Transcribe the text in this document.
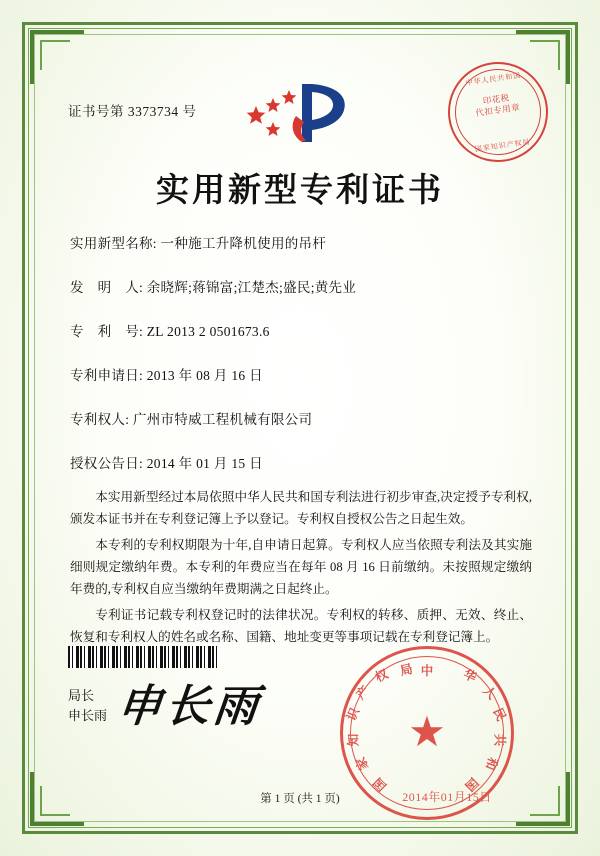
证书号第 3373734 号
中华人民共和国
印花税
代扣专用章
国家知识产权局
实用新型专利证书
实用新型名称: 一种施工升降机使用的吊杆
发　明　人: 余晓辉;蒋锦富;江楚杰;盛民;黄先业
专　利　号: ZL 2013 2 0501673.6
专利申请日: 2013 年 08 月 16 日
专利权人: 广州市特威工程机械有限公司
授权公告日: 2014 年 01 月 15 日
本实用新型经过本局依照中华人民共和国专利法进行初步审查,决定授予专利权,颁发本证书并在专利登记簿上予以登记。专利权自授权公告之日起生效。
本专利的专利权期限为十年,自申请日起算。专利权人应当依照专利法及其实施细则规定缴纳年费。本专利的年费应当在每年 08 月 16 日前缴纳。未按照规定缴纳年费的,专利权自应当缴纳年费期满之日起终止。
专利证书记载专利权登记时的法律状况。专利权的转移、质押、无效、终止、恢复和专利权人的姓名或名称、国籍、地址变更等事项记载在专利登记簿上。
局长
申长雨 申长雨
★
中 华
人
民
共
和
国
国
家
知
识
产
权 局
2014年01月15日
第 1 页 (共 1 页)
